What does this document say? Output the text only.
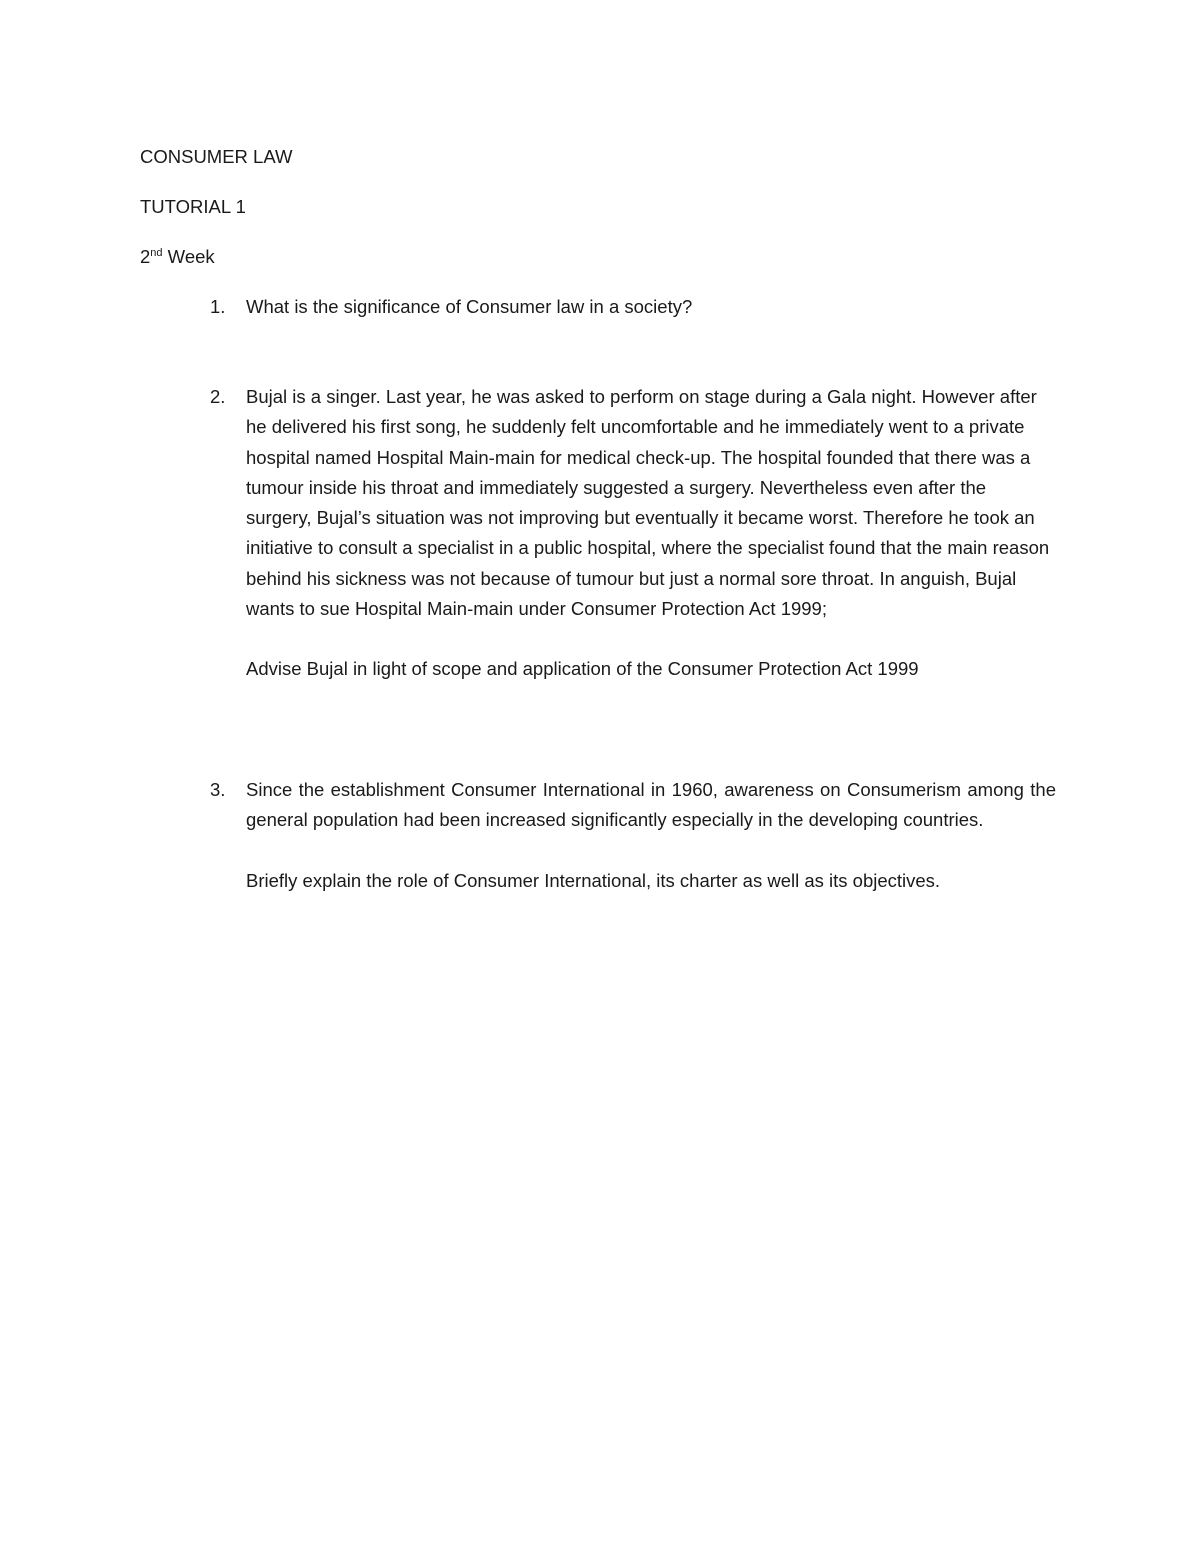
CONSUMER LAW
TUTORIAL 1
2nd Week
1.	What is the significance of Consumer law in a society?

2.	Bujal is a singer. Last year, he was asked to perform on stage during a Gala night. However after he delivered his first song, he suddenly felt uncomfortable and he immediately went to a private hospital named Hospital Main-main for medical check-up. The hospital founded that there was a tumour inside his throat and immediately suggested a surgery. Nevertheless even after the surgery, Bujal’s situation was not improving but eventually it became worst. Therefore he took an initiative to consult a specialist in a public hospital, where the specialist found that the main reason behind his sickness was not because of tumour but just a normal sore throat. In anguish, Bujal wants to sue Hospital Main-main under Consumer Protection Act 1999;

Advise Bujal in light of scope and application of the Consumer Protection Act 1999

3.	Since the establishment Consumer International in 1960, awareness on Consumerism among the general population had been increased significantly especially in the developing countries.

Briefly explain the role of Consumer International, its charter as well as its objectives.
